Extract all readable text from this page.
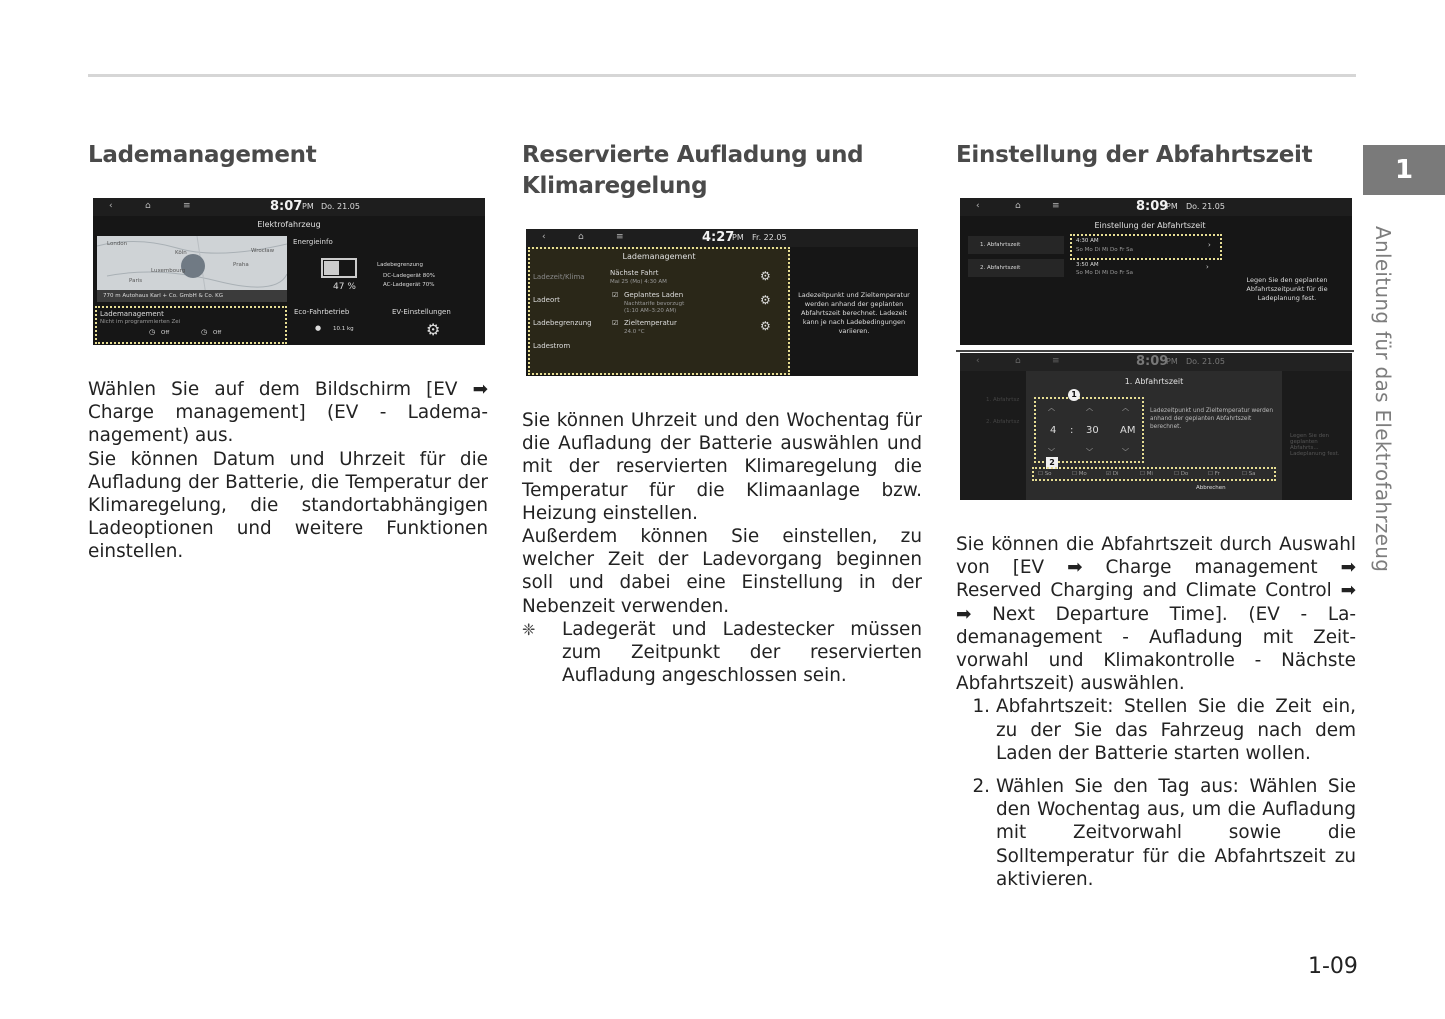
Lademanagement
‹	⌂	≡	8:07 PM Do. 21.05
Elektrofahrzeug
London
Köln	Wrocław
Praha
Luxembourg
Paris
770 m Autohaus Karl + Co. GmbH & Co. KG
Energieinfo
47 %
Ladebegrenzung
DC-Ladegerät 80%
AC-Ladegerät 70%
Lademanagement
Nicht im programmierten Zei
◷ Off	◷ Off
Eco-Fahrbetrieb
● 10.1 kg
EV-Einstellungen
⚙

Wählen Sie auf dem Bildschirm [EV ➡ Charge management] (EV - Lademanagement) aus.

Sie können Datum und Uhrzeit für die Aufladung der Batterie, die Temperatur der Klimaregelung, die standortabhängigen Ladeoptionen und weitere Funktionen einstellen.

Reservierte Aufladung und Klimaregelung
‹	⌂	≡	4:27
PM Fr. 22.05
Lademanagement
Ladezeit/Klima
Ladeort
Ladebegrenzung
Ladestrom
Nächste Fahrt
Mai 25 (Mo) 4:30 AM
☑ Geplantes Laden
Nachttarife bevorzugt
(1:10 AM–3:20 AM)
☑ Zieltemperatur
24.0 °C
⚙
⚙
⚙
Ladezeitpunkt und Zieltemperatur werden anhand der geplanten Abfahrtszeit berechnet. Ladezeit kann je nach Ladebedingungen variieren.

Sie können Uhrzeit und den Wochentag für die Aufladung der Batterie auswählen und mit der reservierten Klimaregelung die Temperatur für die Klimaanlage bzw. Heizung einstellen.

Außerdem können Sie einstellen, zu welcher Zeit der Ladevorgang beginnen soll und dabei eine Einstellung in der Nebenzeit verwenden.

❈	Ladegerät und Ladestecker müssen zum Zeitpunkt der reservierten Aufladung angeschlossen sein.
Einstellung der Abfahrtszeit
‹	⌂	≡	8:09
PM Do. 21.05
Einstellung der Abfahrtszeit
1. Abfahrtszeit
2. Abfahrtszeit
4:30 AM
So Mo Di Mi Do Fr Sa
›
3:50 AM
So Mo Di Mi Do Fr Sa
›
Legen Sie den geplanten Abfahrtszeitpunkt für die Ladeplanung fest.
‹	⌂	≡	8:09
PM Do. 21.05
1. Abfahrtsz
2. Abfahrtsz
Legen Sie den geplanten Abfahrts... Ladeplanung fest.
1. Abfahrtszeit
︿	︿	︿
4 : 30 AM
﹀	﹀	﹀
1
Ladezeitpunkt und Zieltemperatur werden anhand der geplanten Abfahrtszeit berechnet.
2
☐ So	☐ Mo	☑ Di	☐ Mi	☐ Do	☐ Fr	☐ Sa
Abbrechen

Sie können die Abfahrtszeit durch Auswahl von [EV ➡ Charge management ➡ Reserved Charging and Climate Control ➡ ➡ Next Departure Time]. (EV - Lademanagement - Aufladung mit Zeitvorwahl und Klimakontrolle - Nächste Abfahrtszeit) auswählen.

1. Abfahrtszeit: Stellen Sie die Zeit ein, zu der Sie das Fahrzeug nach dem Laden der Batterie starten wollen.
2. Wählen Sie den Tag aus: Wählen Sie den Wochentag aus, um die Aufladung mit Zeitvorwahl sowie die Solltemperatur für die Abfahrtszeit zu aktivieren.
1
Anleitung für das Elektrofahrzeug
1-09
